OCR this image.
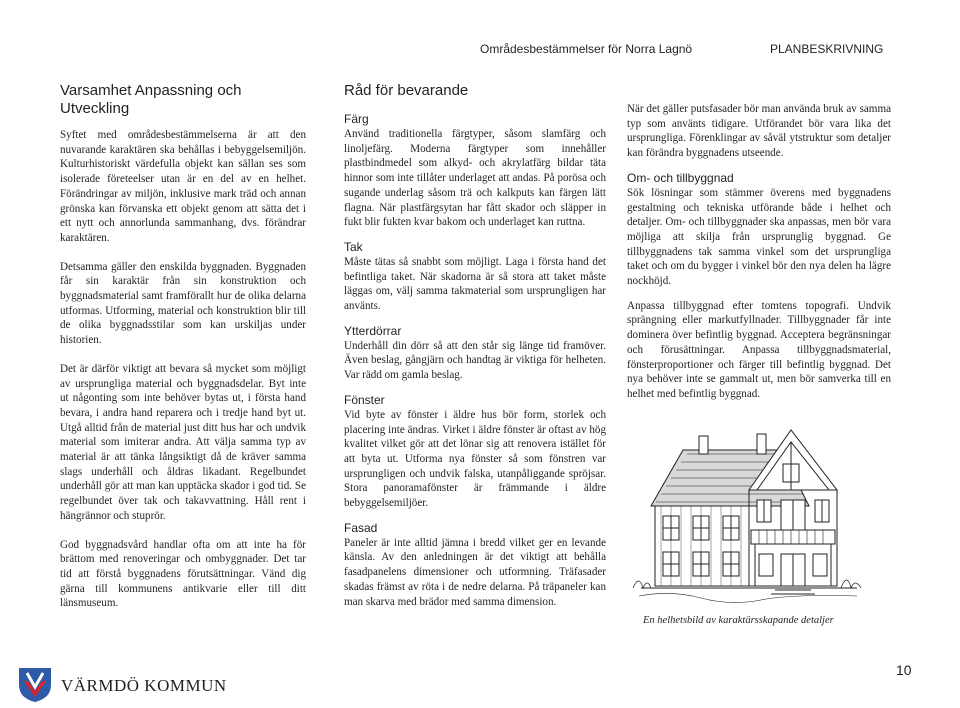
Områdesbestämmelser för Norra Lagnö	PLANBESKRIVNING
Varsamhet Anpassning och Utveckling

Syftet med områdesbestämmelserna är att den nuvarande karaktären ska behållas i bebyggelsemiljön. Kulturhistoriskt värdefulla objekt kan sällan ses som isolerade företeelser utan är en del av en helhet. Förändringar av miljön, inklusive mark träd och annan grönska kan förvanska ett objekt genom att sätta det i ett nytt och annorlunda sammanhang, dvs. förändrar karaktären.

Detsamma gäller den enskilda byggnaden. Byggnaden får sin karaktär från sin konstruktion och byggnadsmaterial samt framförallt hur de olika delarna utformas. Utforming, material och konstruktion blir till de olika byggnadsstilar som kan urskiljas under historien.

Det är därför viktigt att bevara så mycket som möjligt av ursprungliga material och byggnadsdelar. Byt inte ut någonting som inte behöver bytas ut, i första hand bevara, i andra hand reparera och i tredje hand byt ut. Utgå alltid från de material just ditt hus har och undvik material som imiterar andra. Att välja samma typ av material är att tänka långsiktigt då de kräver samma slags underhåll och åldras likadant. Regelbundet underhåll gör att man kan upptäcka skador i god tid. Se regelbundet över tak och takavvattning. Håll rent i hängrännor och stuprör.

God byggnadsvård handlar ofta om att inte ha för brättom med renoveringar och ombyggnader. Det tar tid att förstå byggnadens förutsättningar. Vänd dig gärna till kommunens antikvarie eller till ditt länsmuseum.

Råd för bevarande
Färg

Använd traditionella färgtyper, såsom slamfärg och linoljefärg. Moderna färgtyper som innehåller plastbindmedel som alkyd- och akrylatfärg bildar täta hinnor som inte tillåter underlaget att andas. På porösa och sugande underlag såsom trä och kalkputs kan färgen lätt flagna. När plastfärgsytan har fått skador och släpper in fukt blir fukten kvar bakom och underlaget kan ruttna.

Tak

Måste tätas så snabbt som möjligt. Laga i första hand det befintliga taket. När skadorna är så stora att taket måste läggas om, välj samma takmaterial som ursprungligen har använts.

Ytterdörrar

Underhåll din dörr så att den står sig länge tid framöver. Även beslag, gångjärn och handtag är viktiga för helheten. Var rädd om gamla beslag.

Fönster

Vid byte av fönster i äldre hus bör form, storlek och placering inte ändras. Virket i äldre fönster är oftast av hög kvalitet vilket gör att det lönar sig att renovera istället för att byta ut. Utforma nya fönster så som fönstren var ursprungligen och undvik falska, utanpåliggande spröjsar. Stora panoramafönster är främmande i äldre bebyggelsemiljöer.

Fasad

Paneler är inte alltid jämna i bredd vilket ger en levande känsla. Av den anledningen är det viktigt att behålla fasadpanelens dimensioner och utformning. Träfasader skadas främst av röta i de nedre delarna. På träpaneler kan man skarva med brädor med samma dimension.

När det gäller putsfasader bör man använda bruk av samma typ som använts tidigare. Utförandet bör vara lika det ursprungliga. Förenklingar av såväl ytstruktur som detaljer kan förändra byggnadens utseende.

Om- och tillbyggnad

Sök lösningar som stämmer överens med byggnadens gestaltning och tekniska utförande både i helhet och detaljer. Om- och tillbyggnader ska anpassas, men bör vara möjliga att skilja från ursprunglig byggnad. Ge tillbyggnadens tak samma vinkel som det ursprungliga taket och om du bygger i vinkel bör den nya delen ha lägre nockhöjd.

Anpassa tillbyggnad efter tomtens topografi. Undvik sprängning eller markutfyllnader. Tillbyggnader får inte dominera över befintlig byggnad. Acceptera begränsningar och förusättningar. Anpassa tillbyggnadsmaterial, fönsterproportioner och färger till befintlig byggnad. Det nya behöver inte se gammalt ut, men bör samverka till en helhet med befintlig byggnad.

En helhetsbild av karaktärsskapande detaljer
10
VÄRMDÖ KOMMUN
